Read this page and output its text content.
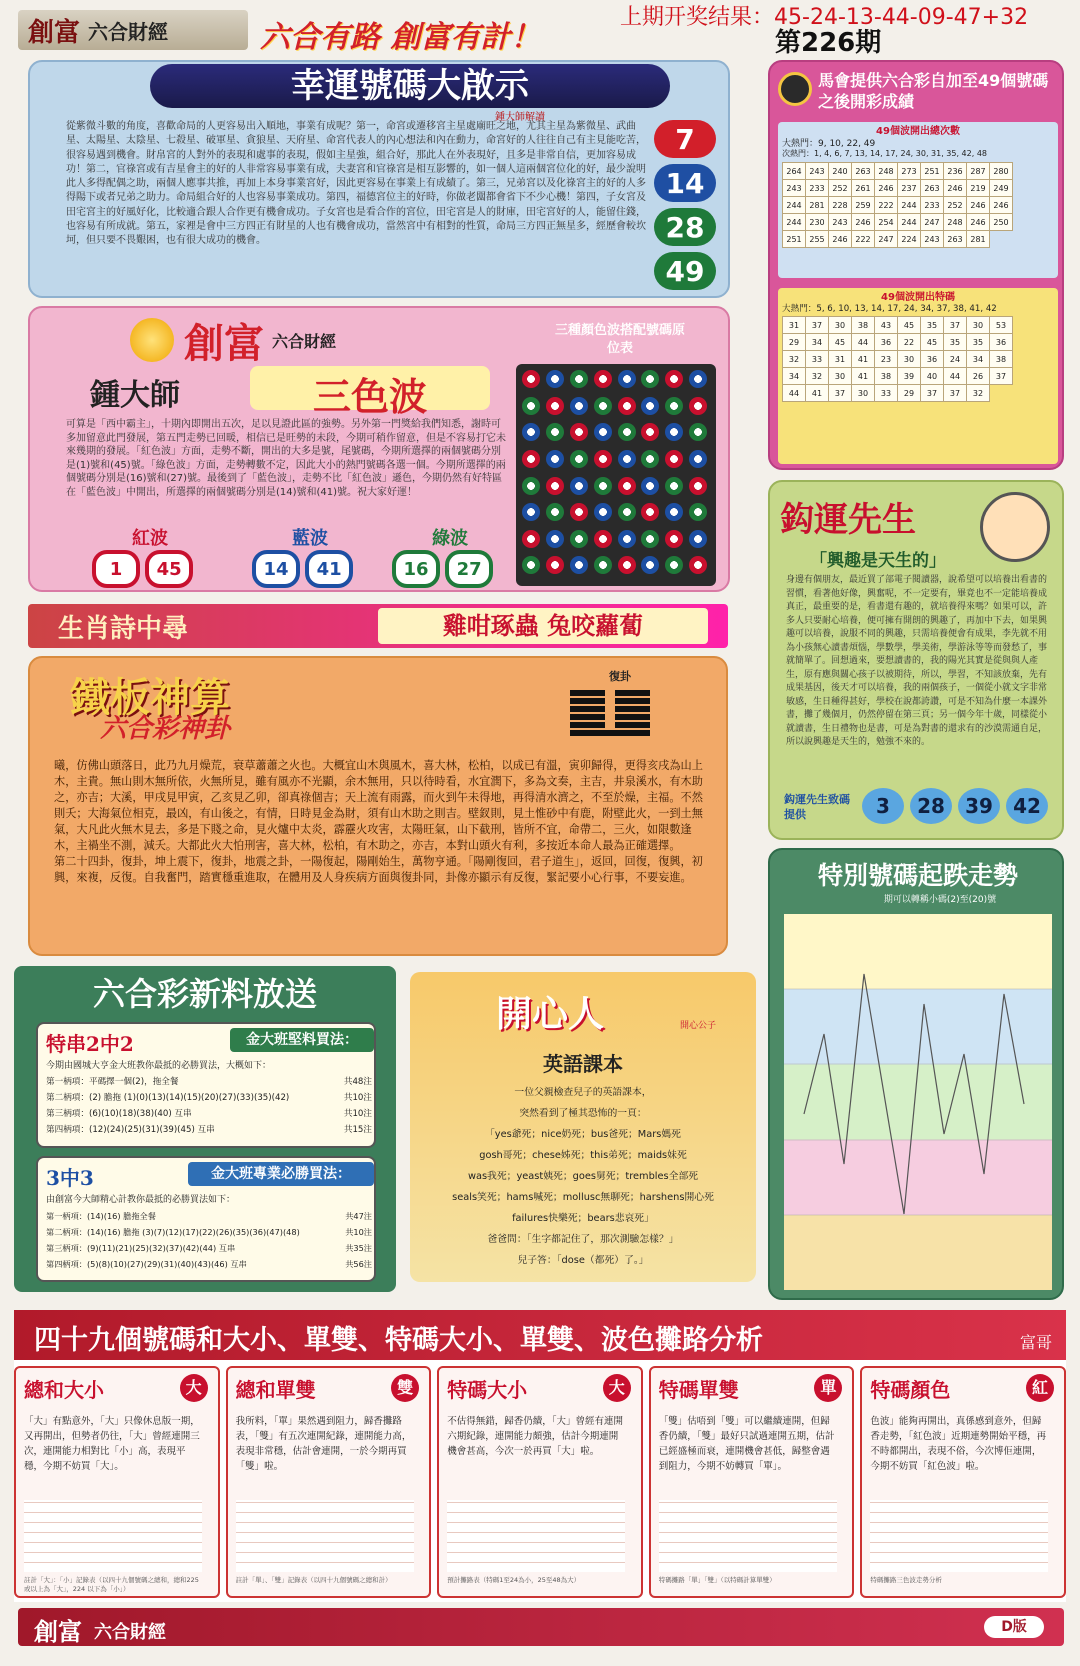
創富 六合財經	六合有路 創富有計！
上期开奖结果：45-24-13-44-09-47+32
第226期
幸運號碼大啟示
鍾大師解讀
從紫微斗數的角度，喜歡命局的人更容易出入順地，事業有成呢？第一，命宮或遷移宮主星處廟旺之地，尤其主星為紫微星、武曲星、太陽星、太陰星、七殺星、破軍星、貪狼星、天府星、命宮代表人的內心想法和內在動力，命宮好的人往往自己有主見能吃苦，很容易遇到機會。財帛宮的人對外的表現和處事的表現，假如主星強，組合好，那此人在外表現好，且多是非常自信，更加容易成功！第二，官祿宮或有吉星會主的好的人非常容易事業有成，夫妻宮和官祿宮是相互影響的，如一個人這兩個宮位化的好，最少說明此人多得配偶之助，兩個人應事共推，再加上本身事業宮好，因此更容易在事業上有成績了。第三，兄弟宮以及化祿宮主的好的人多得陽下或者兄弟之助力。命局組合好的人也容易事業成功。第四，福德宮位主的好時，你做老闆都會省下不少心機！第四，子女宮及田宅宮主的好風好化，比較適合跟人合作更有機會成功。子女宮也是看合作的宮位，田宅宮是人的財庫，田宅宮好的人，能留住錢，也容易有所成就。第五，家裡是會中三方四正有財星的人也有機會成功，當然宮中有相對的性質，命局三方四正無星多，經歷會較坎坷，但只要不畏艱困，也有很大成功的機會。
7
14
28
49
創富 六合財經
鍾大師	三色波
三種顏色波搭配號碼原位表
可算是「西中霸主」，十期內即開出五次，足以見證此區的強勢。另外第一門獎給我們知悉，謝時可多加留意此門發展，第五門走勢已回暖，相信已是旺勢的未段，今期可稍作留意，但是不容易打它未來幾期的發展。「紅色波」方面，走勢不斷，開出的大多是號，尾號碼，今期所選擇的兩個號碼分別是(1)號和(45)號。「綠色波」方面，走勢轉數不定，因此大小的熱門號碼各選一個。今期所選擇的兩個號碼分別是(16)號和(27)號。最後到了「藍色波」，走勢不比「紅色波」遜色，今期仍然有好特區在「藍色波」中開出，所選擇的兩個號碼分別是(14)號和(41)號。祝大家好運！
紅波
1 45
藍波
14 41
綠波
16 27
生肖詩中尋	雞咁琢蟲 兔咬蘿蔔
鐵板神算
六合彩神卦
復卦
曦，仿佛山頭落日，此乃九月燥荒，衰草蕭蕭之火也。大概宜山木與風木，喜大林，松柏，以成已有溫，寅卯歸得，更得亥戌為山上木，主貴。無山則木無所依，火無所見，雖有風亦不光顯，余木無用，只以待時看，水宜潤下，多為文奏，主吉，井泉溪水，有木助之，亦吉；大溪，甲戌見甲寅，乙亥見乙卯，卻真祿個吉；天上流有雨露，而火到午未得地，再得清水濟之，不至於燥，主福。不然則夭；大海氣位相克，最凶，有山後之，有情，日時見金為財，須有山木助之則吉。壁釵則，見土惟砂中有鹿，附壁此火，一到土無氣，大凡此火無木見去，多是下賤之命，見火爐中太炎，霹靂火攻害，太陽旺氣，山下截刑，皆所不宜，命帶二，三火，如限數逢木，主禍坐不測，減夭。大都此火大怕刑害，喜大林，松柏，有木助之，亦吉，本對山頭火有利，多按近本命人最為正確選擇。
第二十四卦，復卦，坤上震下，復卦，地震之卦，一陽復起，陽剛始生，萬物亨通。「陽剛復回，君子道生」，返回，回復，復興，初興，來複，反復。自我奮門，踏實穩重進取，在體用及人身疾病方面與復卦同，卦像亦顯示有反復，緊記要小心行事，不要妄進。
六合彩新料放送
特串2中2	金大班堅料買法：
今期由國城大亨金大班教你最抵的必勝買法，大概如下：
第一柄項：平碼擇一個(2)，拖全餐	共48注
第二柄項：(2) 膽拖 (1)(0)(13)(14)(15)(20)(27)(33)(35)(42)	共10注
第三柄項：(6)(10)(18)(38)(40) 互串	共10注
第四柄項：(12)(24)(25)(31)(39)(45) 互串	共15注
3中3	金大班專業必勝買法：
由創富今大師精心計教你最抵的必勝買法如下：
第一柄項：(14)(16) 膽拖全餐	共47注
第二柄項：(14)(16) 膽拖 (3)(7)(12)(17)(22)(26)(35)(36)(47)(48)	共10注
第三柄項：(9)(11)(21)(25)(32)(37)(42)(44) 互串	共35注
第四柄項：(5)(8)(10)(27)(29)(31)(40)(43)(46) 互串	共56注
開心人	開心公子
英語課本
一位父親檢查兒子的英語課本，
突然看到了極其恐怖的一頁：
「yes爺死；nice奶死；bus爸死；Mars媽死
gosh哥死；chese姊死；this弟死；maids妹死
was我死；yeast姨死；goes舅死；trembles全部死
seals笑死；hams喊死；mollusc無聊死；harshens開心死
failures快樂死；bears悲哀死」
爸爸問：「生字都記住了，那次測驗怎樣？」
兒子答：「dose（都死）了。」
馬會提供六合彩自加至49個號碼之後開彩成績
49個波開出總次數
大熱門：9, 10, 22, 49
次熱門：1, 4, 6, 7, 13, 14, 17, 24, 30, 31, 35, 42, 48
264	243	240	263	248	273	251	236	287	280
243	233	252	261	246	237	263	246	219	249
244	281	228	259	222	244	233	252	246	246
244	230	243	246	254	244	247	248	246	250
251	255	246	222	247	224	243	263	281	
49個波開出特碼
大熱門：5, 6, 10, 13, 14, 17, 24, 34, 37, 38, 41, 42
31	37	30	38	43	45	35	37	30	53
29	34	45	44	36	22	45	35	35	36
32	33	31	41	23	30	36	24	34	38
34	32	30	41	38	39	40	44	26	37
44	41	37	30	33	29	37	37	32	
鈎運先生
「興趣是天生的」
身邊有個朋友，最近買了部電子閱讀器，說希望可以培養出看書的習慣，看著他好像，興奮呢，不一定要有，畢竟也不一定能培養成真正，最重要的是，看書還有趣的，就培養得來嗎？如果可以，許多人只要耐心培養，便可擁有開朗的興趣了，再加中下去，如果興趣可以培養，說服不同的興趣，只需培養便會有成果，李先就不用為小孩無心讀書煩惱，學數學，學美術，學游泳等等而發愁了，事就簡單了。回想過來，要想讀書的，我的陽光其實是從與與人產生，原有應與關心孩子以被期待，所以，學習，不知該放棄，先有成果基因，後天才可以培養，我的兩個孩子，一個從小就文字非常敏感，生日種得甚好，學校在說都誇讚，可是不知為什麼一本課外書，攤了幾個月，仍然停留在第三頁；另一個今年十歲，同樣從小就讀書，生日禮物也是書，可是為對書的還求有的沙漠需通自足，所以說興趣是天生的，勉強不來的。
鈎運先生致碼提供	3	28	39	42
特別號碼起跌走勢
期可以轉稱小碼(2)至(20)號
四十九個號碼和大小、單雙、特碼大小、單雙、波色攤路分析	富哥
總和大小	大
「大」有點意外，「大」只像休息版一期，又再開出，但勢者仍往，「大」曾經連開三次，連開能力相對比「小」高，表現平穩，今期不妨買「大」。
註計「大」：「小」記錄表（以四十九個號碼之總和，總和225 或以上為「大」，224 以下為「小」）
總和單雙	雙
我所料，「單」果然遇到阻力，歸香攤路表，「雙」有五次連開紀錄，連開能力高，表現非常穩，估計會連開，一於今期再買「雙」啦。
註計「單」、「雙」記錄表（以四十九個號碼之總和計）
特碼大小	大
不估得無錯，歸香仍續，「大」曾經有連開六期紀錄，連開能力頗強，估計今期連開機會甚高，今次一於再買「大」啦。
預計攤路表（特碼1至24為小，25至48為大）
特碼單雙	單
「雙」估唔到「雙」可以繼續連開，但歸香仍續，「雙」最好只試過連開五期，估計已經盛極而衰，連開機會甚低，歸整會遇到阻力，今期不妨轉買「單」。
特碼攤路「單」「雙」（以特碼計算單雙）
特碼顏色	紅
色波」能夠再開出，真係感到意外，但歸香走勢，「紅色波」近期連勢開始平穩，再不時都開出，表現不俗，今次博佢連開，今期不妨買「紅色波」啦。
特碼攤路三色波走勢分析
創富 六合財經	D版
